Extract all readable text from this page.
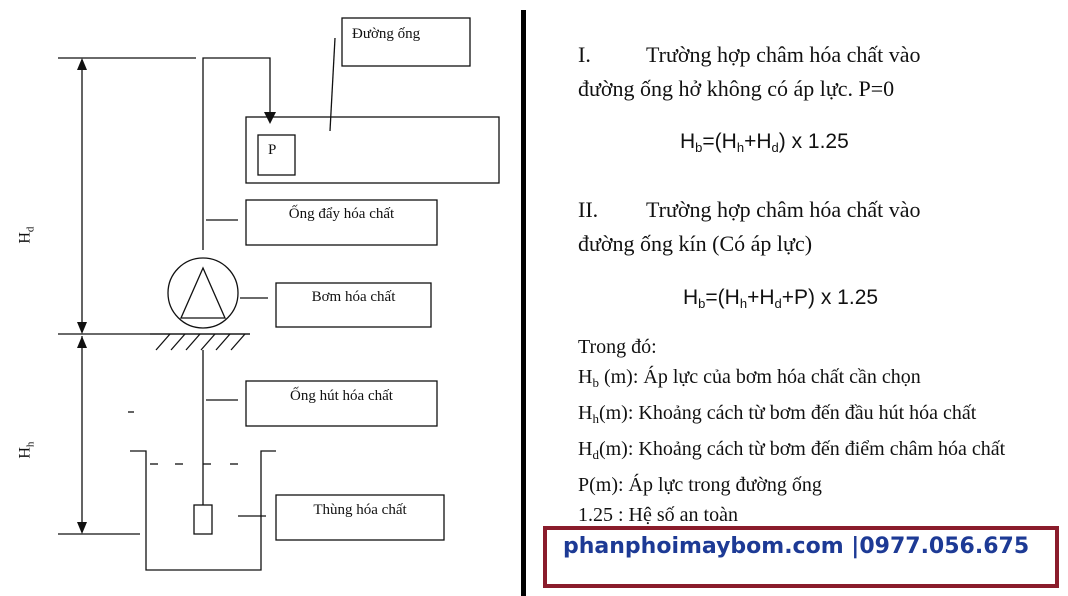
Đường ống
P
Ống đẩy hóa chất
Bơm hóa chất
Ống hút hóa chất
Thùng hóa chất
$H_d$
$H_h$
I.	Trường hợp châm hóa chất vào
đường ống hở không có áp lực. P=0
$H_b=(H_h+H_d)$ x 1.25
II. Trường hợp châm hóa chất vào
đường ống kín (Có áp lực)
$H_b=(H_h+H_d+P)$ x 1.25
Trong đó:
$H_b$ (m): Áp lực của bơm hóa chất cần chọn
$H_h(m)$: Khoảng cách từ bơm đến đầu hút hóa chất
$H_d(m)$: Khoảng cách từ bơm đến điểm châm hóa chất
P(m): Áp lực trong đường ống
1.25 : Hệ số an toàn
phanphoimaybom.com |0977.056.675
